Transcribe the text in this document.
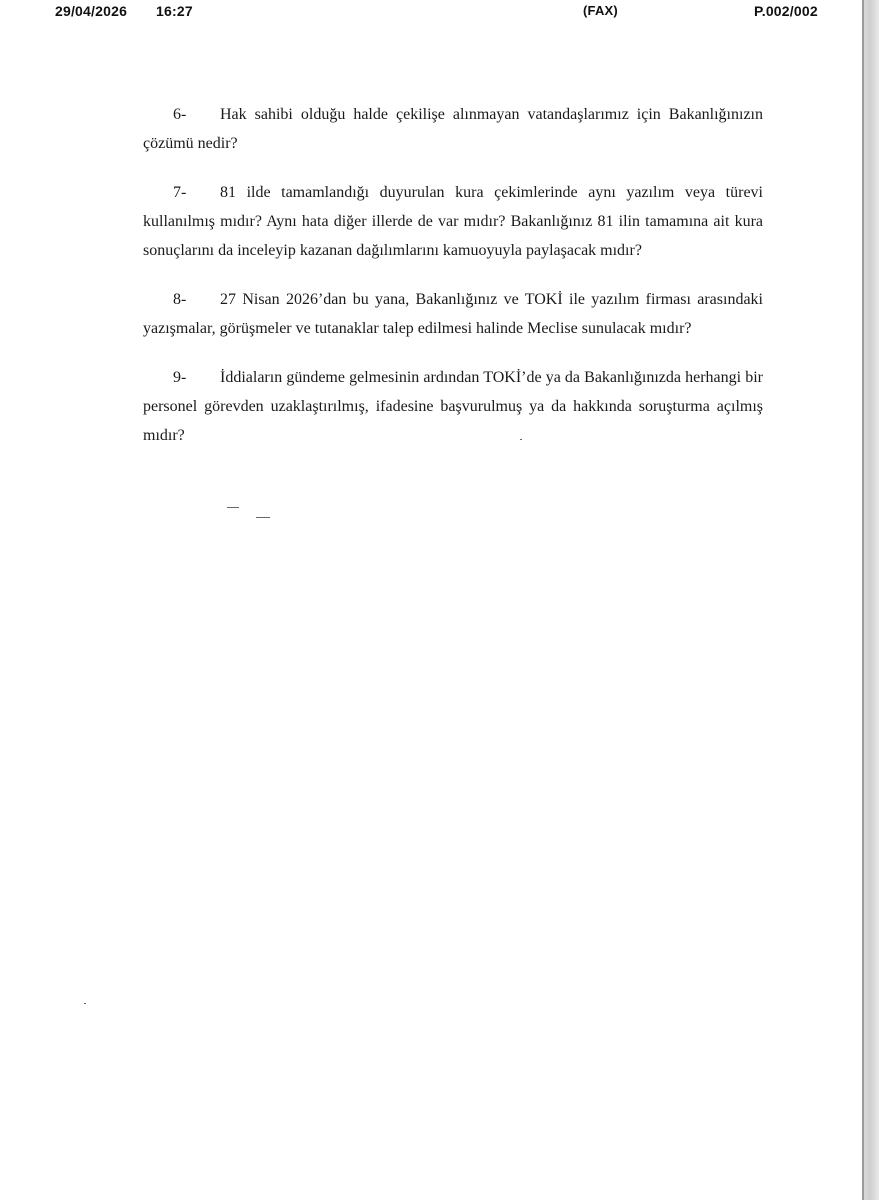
29/04/2026 16:27	(FAX)	P.002/002
6-	Hak sahibi olduğu halde çekilişe alınmayan vatandaşlarımız için Bakanlığınızın çözümü nedir?
7-	81 ilde tamamlandığı duyurulan kura çekimlerinde aynı yazılım veya türevi kullanılmış mıdır? Aynı hata diğer illerde de var mıdır? Bakanlığınız 81 ilin tamamına ait kura sonuçlarını da inceleyip kazanan dağılımlarını kamuoyuyla paylaşacak mıdır?
8-	27 Nisan 2026’dan bu yana, Bakanlığınız ve TOKİ ile yazılım firması arasındaki yazışmalar, görüşmeler ve tutanaklar talep edilmesi halinde Meclise sunulacak mıdır?
9-	İddiaların gündeme gelmesinin ardından TOKİ’de ya da Bakanlığınızda herhangi bir personel görevden uzaklaştırılmış, ifadesine başvurulmuş ya da hakkında soruşturma açılmış mıdır?
